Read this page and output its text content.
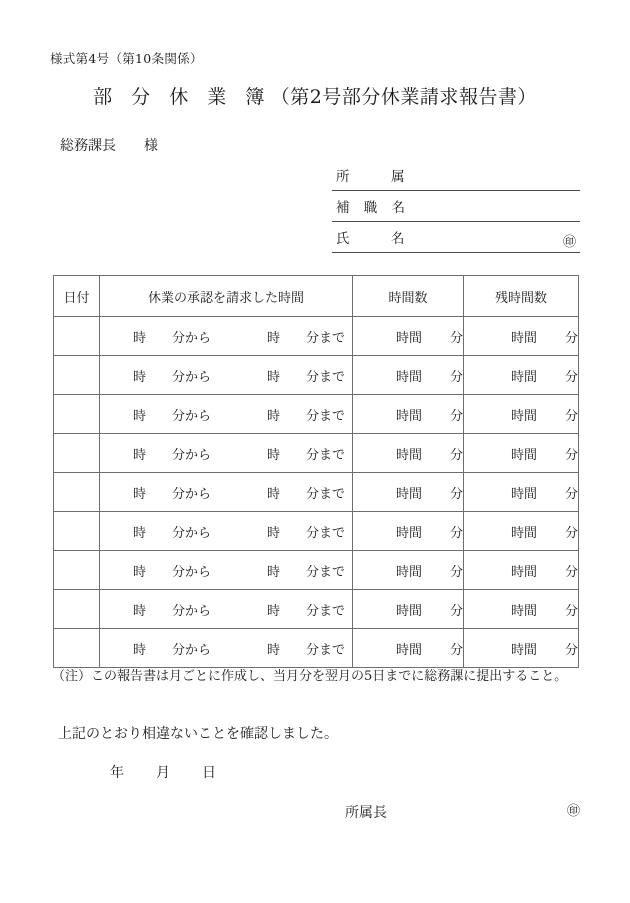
様式第4号（第10条関係）
部 分 休 業 簿（第2号部分休業請求報告書）
総務課長 様
所　属
補 職 名
氏　名	㊞
日付	休業の承認を請求した時間	時間数	残時間数
	時 分から 時 分まで	時間 分	時間 分
	時 分から 時 分まで	時間 分	時間 分
	時 分から 時 分まで	時間 分	時間 分
	時 分から 時 分まで	時間 分	時間 分
	時 分から 時 分まで	時間 分	時間 分
	時 分から 時 分まで	時間 分	時間 分
	時 分から 時 分まで	時間 分	時間 分
	時 分から 時 分まで	時間 分	時間 分
	時 分から 時 分まで	時間 分	時間 分
（注）この報告書は月ごとに作成し、当月分を翌月の5日までに総務課に提出すること。
上記のとおり相違ないことを確認しました。
年 月 日
所属長	㊞
